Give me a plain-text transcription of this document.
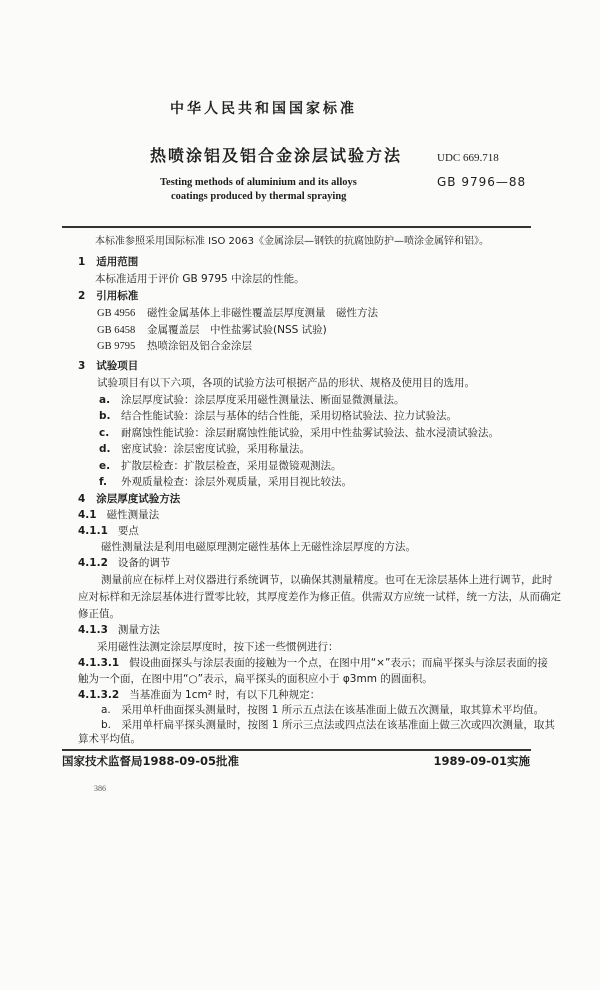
中华人民共和国国家标准
热喷涂铝及铝合金涂层试验方法	UDC 669.718
Testing methods of aluminium and its alloys
coatings produced by thermal spraying
GB 9796—88
本标准参照采用国际标准 ISO 2063《金属涂层—钢铁的抗腐蚀防护—喷涂金属锌和铝》。
1 适用范围
本标准适用于评价 GB 9795 中涂层的性能。
2 引用标准
GB 4956 磁性金属基体上非磁性覆盖层厚度测量　磁性方法
GB 6458 金属覆盖层　中性盐雾试验(NSS 试验)
GB 9795 热喷涂铝及铝合金涂层
3 试验项目
试验项目有以下六项，各项的试验方法可根据产品的形状、规格及使用目的选用。
a. 涂层厚度试验：涂层厚度采用磁性测量法、断面显微测量法。
b. 结合性能试验：涂层与基体的结合性能，采用切格试验法、拉力试验法。
c. 耐腐蚀性能试验：涂层耐腐蚀性能试验，采用中性盐雾试验法、盐水浸渍试验法。
d. 密度试验：涂层密度试验，采用称量法。
e. 扩散层检查：扩散层检查，采用显微镜观测法。
f. 外观质量检查：涂层外观质量，采用目视比较法。
4 涂层厚度试验方法
4.1 磁性测量法
4.1.1 要点
磁性测量法是利用电磁原理测定磁性基体上无磁性涂层厚度的方法。
4.1.2 设备的调节
测量前应在标样上对仪器进行系统调节，以确保其测量精度。也可在无涂层基体上进行调节，此时
应对标样和无涂层基体进行置零比较，其厚度差作为修正值。供需双方应统一试样，统一方法，从而确定
修正值。
4.1.3 测量方法
采用磁性法测定涂层厚度时，按下述一些惯例进行：
4.1.3.1 假设曲面探头与涂层表面的接触为一个点，在图中用“×”表示；而扁平探头与涂层表面的接
触为一个面，在图中用“○”表示，扁平探头的面积应小于 φ3mm 的圆面积。
4.1.3.2 当基准面为 1cm² 时，有以下几种规定：
a.　采用单杆曲面探头测量时，按图 1 所示五点法在该基准面上做五次测量，取其算术平均值。
b.　采用单杆扁平探头测量时，按图 1 所示三点法或四点法在该基准面上做三次或四次测量，取其
算术平均值。
国家技术监督局1988-09-05批准	1989-09-01实施
386
